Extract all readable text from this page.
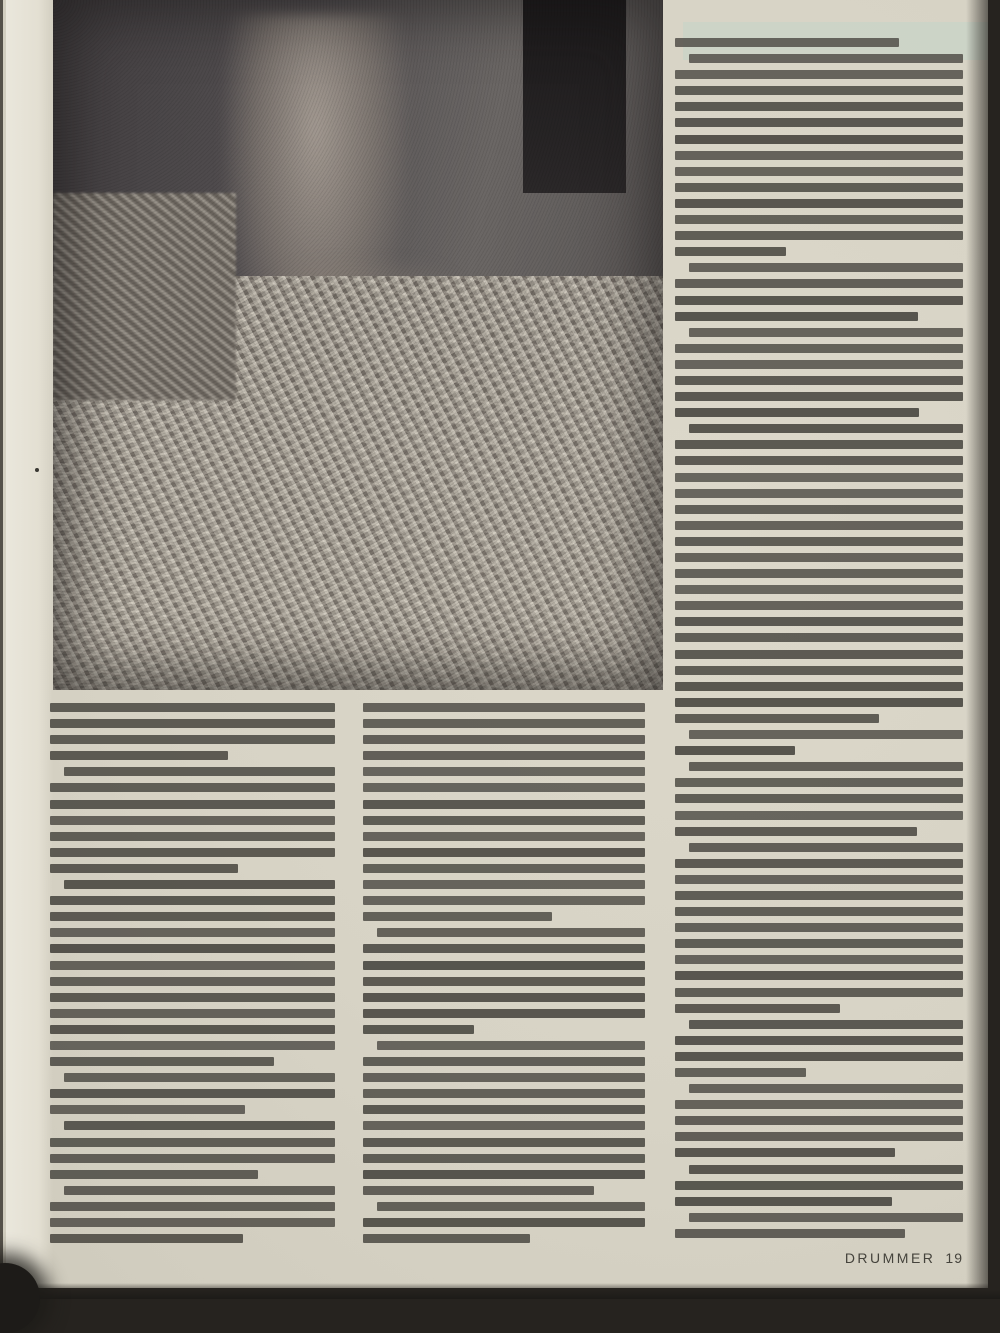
DRUMMER 19
